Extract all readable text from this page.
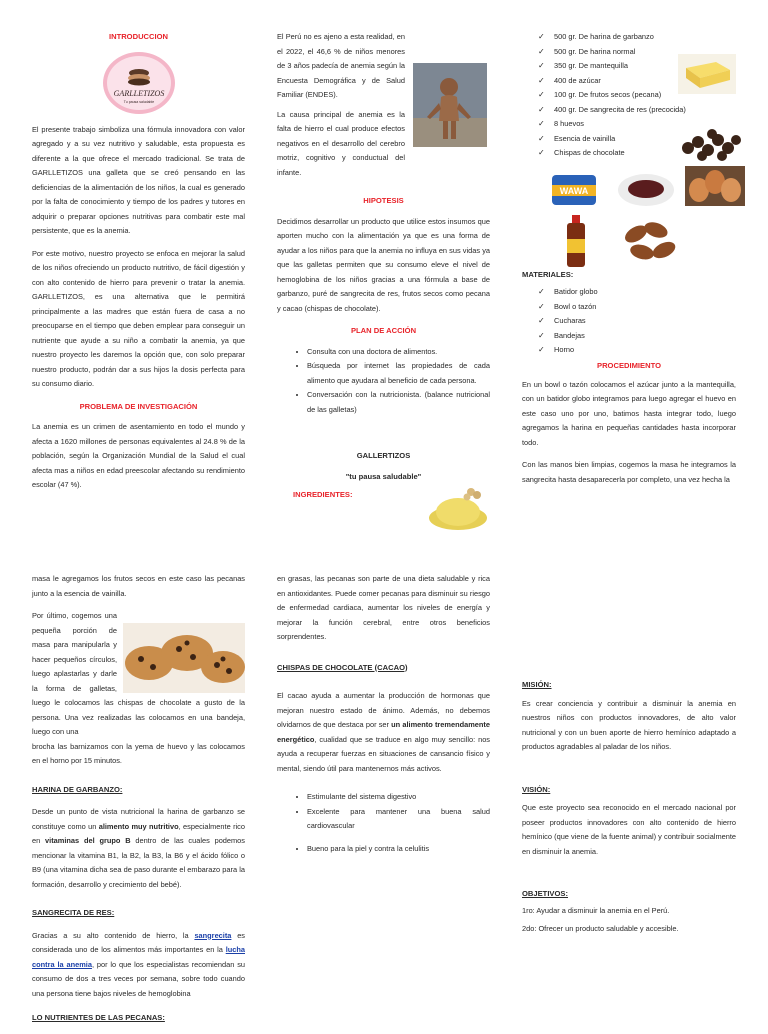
INTRODUCCION
GARLLETIZOS
Tu pausa saludable

El presente trabajo simboliza una fórmula innovadora con valor agregado y a su vez nutritivo y saludable, esta propuesta es diferente a la que ofrece el mercado tradicional. Se trata de GARLLETIZOS una galleta que se creó pensando en las deficiencias de la alimentación de los niños, la cual es generado por la falta de conocimiento y tiempo de los padres y tutores en adquirir o preparar opciones nutritivas para combatir este mal persistente, que es la anemia.

Por este motivo, nuestro proyecto se enfoca en mejorar la salud de los niños ofreciendo un producto nutritivo, de fácil digestión y con alto contenido de hierro para prevenir o tratar la anemia. GARLLETIZOS, es una alternativa que le permitirá principalmente a las madres que están fuera de casa a no preocuparse en el tiempo que deben emplear para conseguir un nutriente que ayude a su niño a combatir la anemia, ya que nuestro proyecto les daremos la opción que, con solo preparar nuestro producto, podrán dar a sus hijos la dosis perfecta para su consumo diario.

PROBLEMA DE INVESTIGACIÓN

La anemia es un crimen de asentamiento en todo el mundo y afecta a 1620 millones de personas equivalentes al 24.8 % de la población, según la Organización Mundial de la Salud el cual afecta mas a niños en edad preescolar afectando su rendimiento escolar (47 %).

El Perú no es ajeno a esta realidad, en el 2022, el 46,6 % de niños menores de 3 años padecía de anemia según la Encuesta Demográfica y de Salud Familiar (ENDES).

La causa principal de anemia es la falta de hierro el cual produce efectos negativos en el desarrollo del cerebro motriz, cognitivo y conductual del infante.

HIPOTESIS

Decidimos desarrollar un producto que utilice estos insumos que aporten mucho con la alimentación ya que es una forma de ayudar a los niños para que la anemia no influya en sus vidas ya que las galletas permiten que su consumo eleve el nivel de hemoglobina de los niños gracias a una fórmula a base de garbanzo, puré de sangrecita de res, frutos secos como pecana y cacao (chispas de chocolate).

PLAN DE ACCIÓN
• Consulta con una doctora de alimentos.
• Búsqueda por internet las propiedades de cada alimento que ayudara al beneficio de cada persona.
• Conversación con la nutricionista. (balance nutricional de las galletas)
GALLERTIZOS
"tu pausa saludable"
INGREDIENTES:
✓ 500 gr. De harina de garbanzo
✓ 500 gr. De harina normal
✓ 350 gr. De mantequilla
✓ 400 de azúcar
✓ 100 gr. De frutos secos (pecana)
✓ 400 gr. De sangrecita de res (precocida)
✓ 8 huevos
✓ Esencia de vainilla
✓ Chispas de chocolate
WAWA
MATERIALES:
✓ Batidor globo
✓ Bowl o tazón
✓ Cucharas
✓ Bandejas
✓ Horno
PROCEDIMIENTO

En un bowl o tazón colocamos el azúcar junto a la mantequilla, con un batidor globo integramos para luego agregar el huevo en este caso uno por uno, batimos hasta integrar todo, luego agregamos la harina en pequeñas cantidades hasta incorporar todo.

Con las manos bien limpias, cogemos la masa he integramos la sangrecita hasta desaparecerla por completo, una vez hecha la

masa le agregamos los frutos secos en este caso las pecanas junto a la esencia de vainilla.

Por último, cogemos una pequeña porción de masa para manipularla y hacer pequeños círculos, luego aplastarlas y darle la forma de galletas, luego le colocamos las chispas de chocolate a gusto de la persona. Una vez realizadas las colocamos en una bandeja, luego con una

brocha las barnizamos con la yema de huevo y las colocamos en el horno por 15 minutos.

HARINA DE GARBANZO:

Desde un punto de vista nutricional la harina de garbanzo se constituye como un alimento muy nutritivo, especialmente rico en vitaminas del grupo B dentro de las cuales podemos mencionar la vitamina B1, la B2, la B3, la B6 y el ácido fólico o B9 (una vitamina dicha sea de paso durante el embarazo para la formación, desarrollo y crecimiento del bebé).

SANGRECITA DE RES:

Gracias a su alto contenido de hierro, la sangrecita es considerada uno de los alimentos más importantes en la lucha contra la anemia, por lo que los especialistas recomiendan su consumo de dos a tres veces por semana, sobre todo cuando una persona tiene bajos niveles de hemoglobina

LO NUTRIENTES DE LAS PECANAS:

en grasas, las pecanas son parte de una dieta saludable y rica en antioxidantes. Puede comer pecanas para disminuir su riesgo de enfermedad cardiaca, aumentar los niveles de energía y mejorar la función cerebral, entre otros beneficios sorprendentes.

CHISPAS DE CHOCOLATE (CACAO)

El cacao ayuda a aumentar la producción de hormonas que mejoran nuestro estado de ánimo. Además, no debemos olvidarnos de que destaca por ser un alimento tremendamente energético, cualidad que se traduce en algo muy sencillo: nos ayuda a recuperar fuerzas en situaciones de cansancio físico y mental, siendo útil para mantenernos más activos.

• Estimulante del sistema digestivo
• Excelente para mantener una buena salud cardiovascular
• Bueno para la piel y contra la celulitis
MISIÓN:

Es crear conciencia y contribuir a disminuir la anemia en nuestros niños con productos innovadores, de alto valor nutricional y con un buen aporte de hierro hemínico adaptado a productos agradables al paladar de los niños.

VISIÓN:

Que este proyecto sea reconocido en el mercado nacional por poseer productos innovadores con alto contenido de hierro hemínico (que viene de la fuente animal) y contribuir socialmente en disminuir la anemia.

OBJETIVOS:
1ro: Ayudar a disminuir la anemia en el Perú.
2do: Ofrecer un producto saludable y accesible.
